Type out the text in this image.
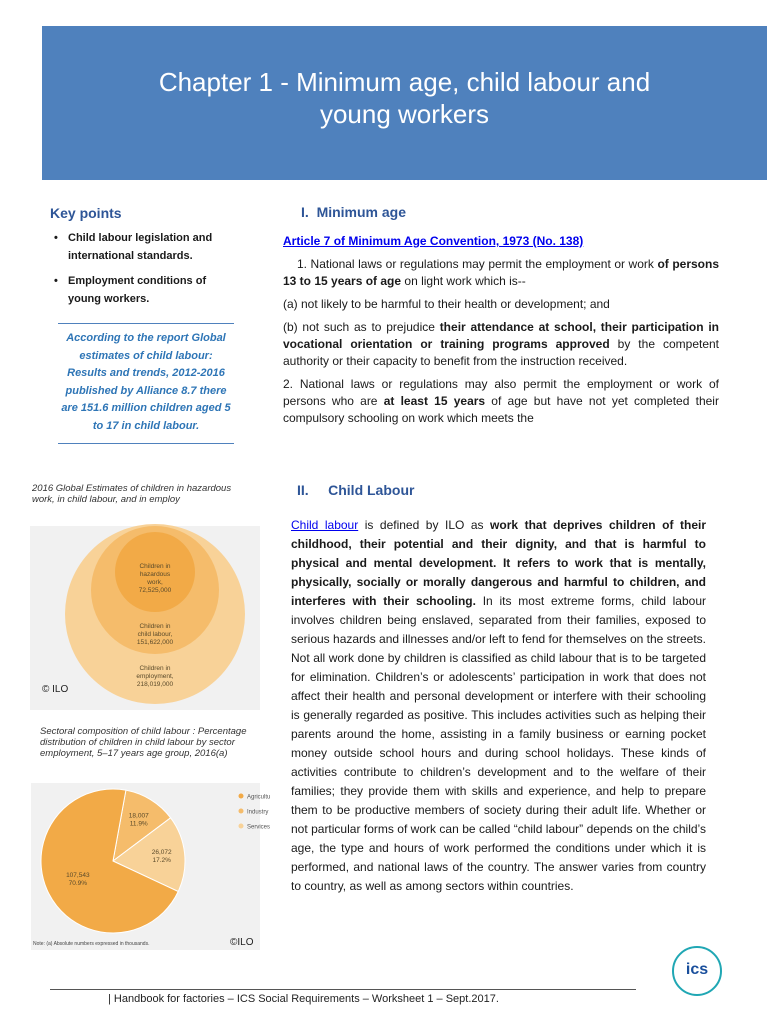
Chapter 1 - Minimum age, child labour and
young workers
Key points
• Child labour legislation and international standards.
• Employment conditions of young workers.
According to the report Global estimates of child labour: Results and trends, 2012-2016 published by Alliance 8.7 there are 151.6 million children aged 5 to 17 in child labour.
I. Minimum age
Article 7 of Minimum Age Convention, 1973 (No. 138)

1. National laws or regulations may permit the employment or work of persons 13 to 15 years of age on light work which is--

(a) not likely to be harmful to their health or development; and

(b) not such as to prejudice their attendance at school, their participation in vocational orientation or training programs approved by the competent authority or their capacity to benefit from the instruction received.

2. National laws or regulations may also permit the employment or work of persons who are at least 15 years of age but have not yet completed their compulsory schooling on work which meets the

II. Child Labour
Child labour is defined by ILO as work that deprives children of their childhood, their potential and their dignity, and that is harmful to physical and mental development. It refers to work that is mentally, physically, socially or morally dangerous and harmful to children, and interferes with their schooling. In its most extreme forms, child labour involves children being enslaved, separated from their families, exposed to serious hazards and illnesses and/or left to fend for themselves on the streets. Not all work done by children is classified as child labour that is to be targeted for elimination. Children’s or adolescents’ participation in work that does not affect their health and personal development or interfere with their schooling is generally regarded as positive. This includes activities such as helping their parents around the home, assisting in a family business or earning pocket money outside school hours and during school holidays. These kinds of activities contribute to children’s development and to the welfare of their families; they provide them with skills and experience, and help to prepare them to be productive members of society during their adult life. Whether or not particular forms of work can be called “child labour” depends on the child’s age, the type and hours of work performed the conditions under which it is performed, and national laws of the country. The answer varies from country to country, as well as among sectors within countries.
2016 Global Estimates of children in hazardous work, in child labour, and in employ
Children in
hazardous
work,
72,525,000
Children in
child labour,
151,622,000
Children in
employment,
218,019,000
© ILO
Sectoral composition of child labour : Percentage distribution of children in child labour by sector employment, 5–17 years age group, 2016(a)
107,543
70.9%
18,007
11.9%
26,072
17.2%
Agricultu
Industry
Services
Note: (a) Absolute numbers expressed in thousands.	©ILO
ics
| Handbook for factories – ICS Social Requirements – Worksheet 1 – Sept.2017.
